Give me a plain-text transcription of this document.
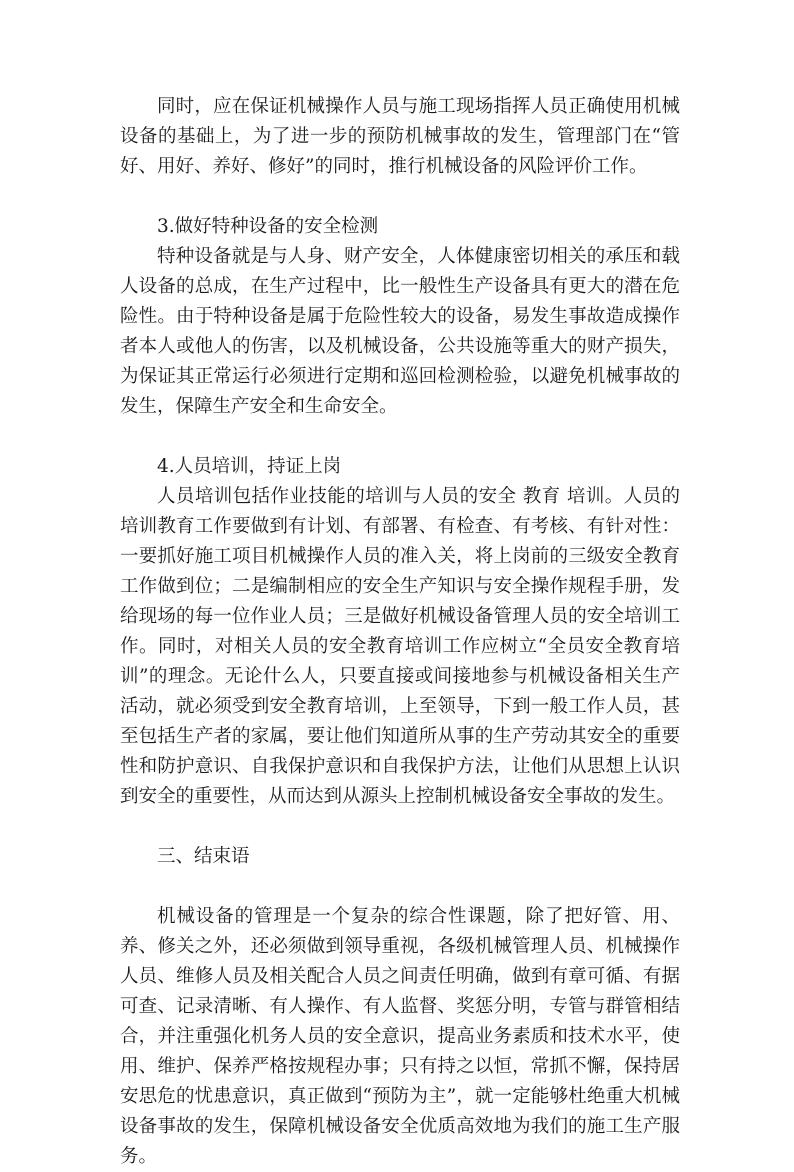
同时，应在保证机械操作人员与施工现场指挥人员正确使用机械设备的基础上，为了进一步的预防机械事故的发生，管理部门在“管好、用好、养好、修好”的同时，推行机械设备的风险评价工作。

3.做好特种设备的安全检测

特种设备就是与人身、财产安全，人体健康密切相关的承压和载人设备的总成，在生产过程中，比一般性生产设备具有更大的潜在危险性。由于特种设备是属于危险性较大的设备，易发生事故造成操作者本人或他人的伤害，以及机械设备，公共设施等重大的财产损失，为保证其正常运行必须进行定期和巡回检测检验，以避免机械事故的发生，保障生产安全和生命安全。

4.人员培训，持证上岗

人员培训包括作业技能的培训与人员的安全 教育 培训。人员的培训教育工作要做到有计划、有部署、有检查、有考核、有针对性：一要抓好施工项目机械操作人员的准入关，将上岗前的三级安全教育工作做到位；二是编制相应的安全生产知识与安全操作规程手册，发给现场的每一位作业人员；三是做好机械设备管理人员的安全培训工作。同时，对相关人员的安全教育培训工作应树立“全员安全教育培训”的理念。无论什么人，只要直接或间接地参与机械设备相关生产活动，就必须受到安全教育培训，上至领导，下到一般工作人员，甚至包括生产者的家属，要让他们知道所从事的生产劳动其安全的重要性和防护意识、自我保护意识和自我保护方法，让他们从思想上认识到安全的重要性，从而达到从源头上控制机械设备安全事故的发生。

三、结束语

机械设备的管理是一个复杂的综合性课题，除了把好管、用、养、修关之外，还必须做到领导重视，各级机械管理人员、机械操作人员、维修人员及相关配合人员之间责任明确，做到有章可循、有据可查、记录清晰、有人操作、有人监督、奖惩分明，专管与群管相结合，并注重强化机务人员的安全意识，提高业务素质和技术水平，使用、维护、保养严格按规程办事；只有持之以恒，常抓不懈，保持居安思危的忧患意识，真正做到“预防为主”，就一定能够杜绝重大机械设备事故的发生，保障机械设备安全优质高效地为我们的施工生产服务。
